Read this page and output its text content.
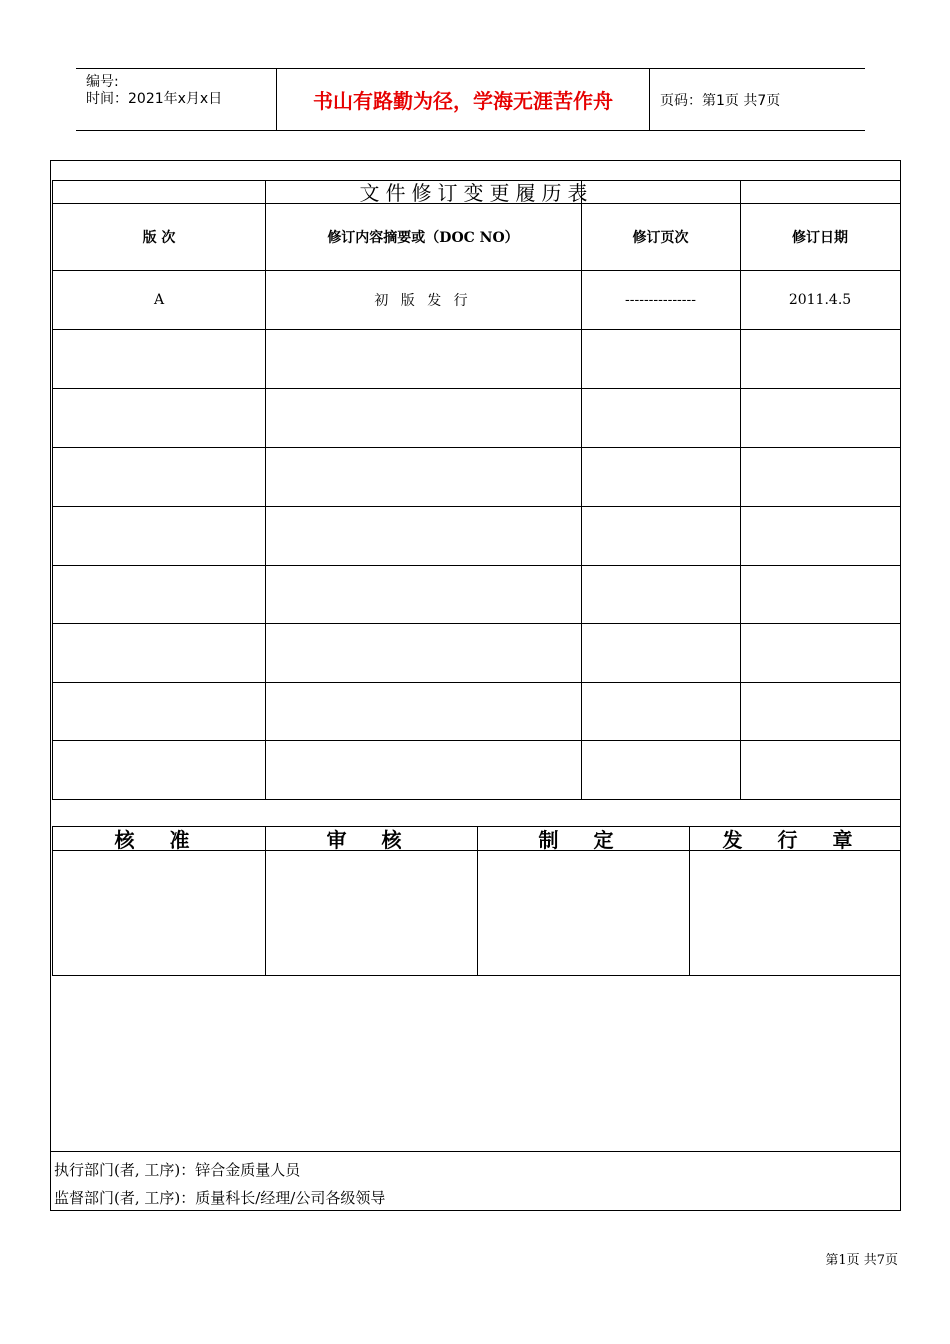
编号:
时间：2021年x月x日	书山有路勤为径，学海无涯苦作舟	页码：第1页 共7页
文件修订变更履历表
版 次	修订内容摘要或（DOC NO）	修订页次	修订日期
A	初 版 发 行	---------------	2011.4.5
核 准	审 核	制 定	发 行 章
执行部门(者, 工序)：锌合金质量人员
监督部门(者, 工序)：质量科长/经理/公司各级领导
第1页 共7页
